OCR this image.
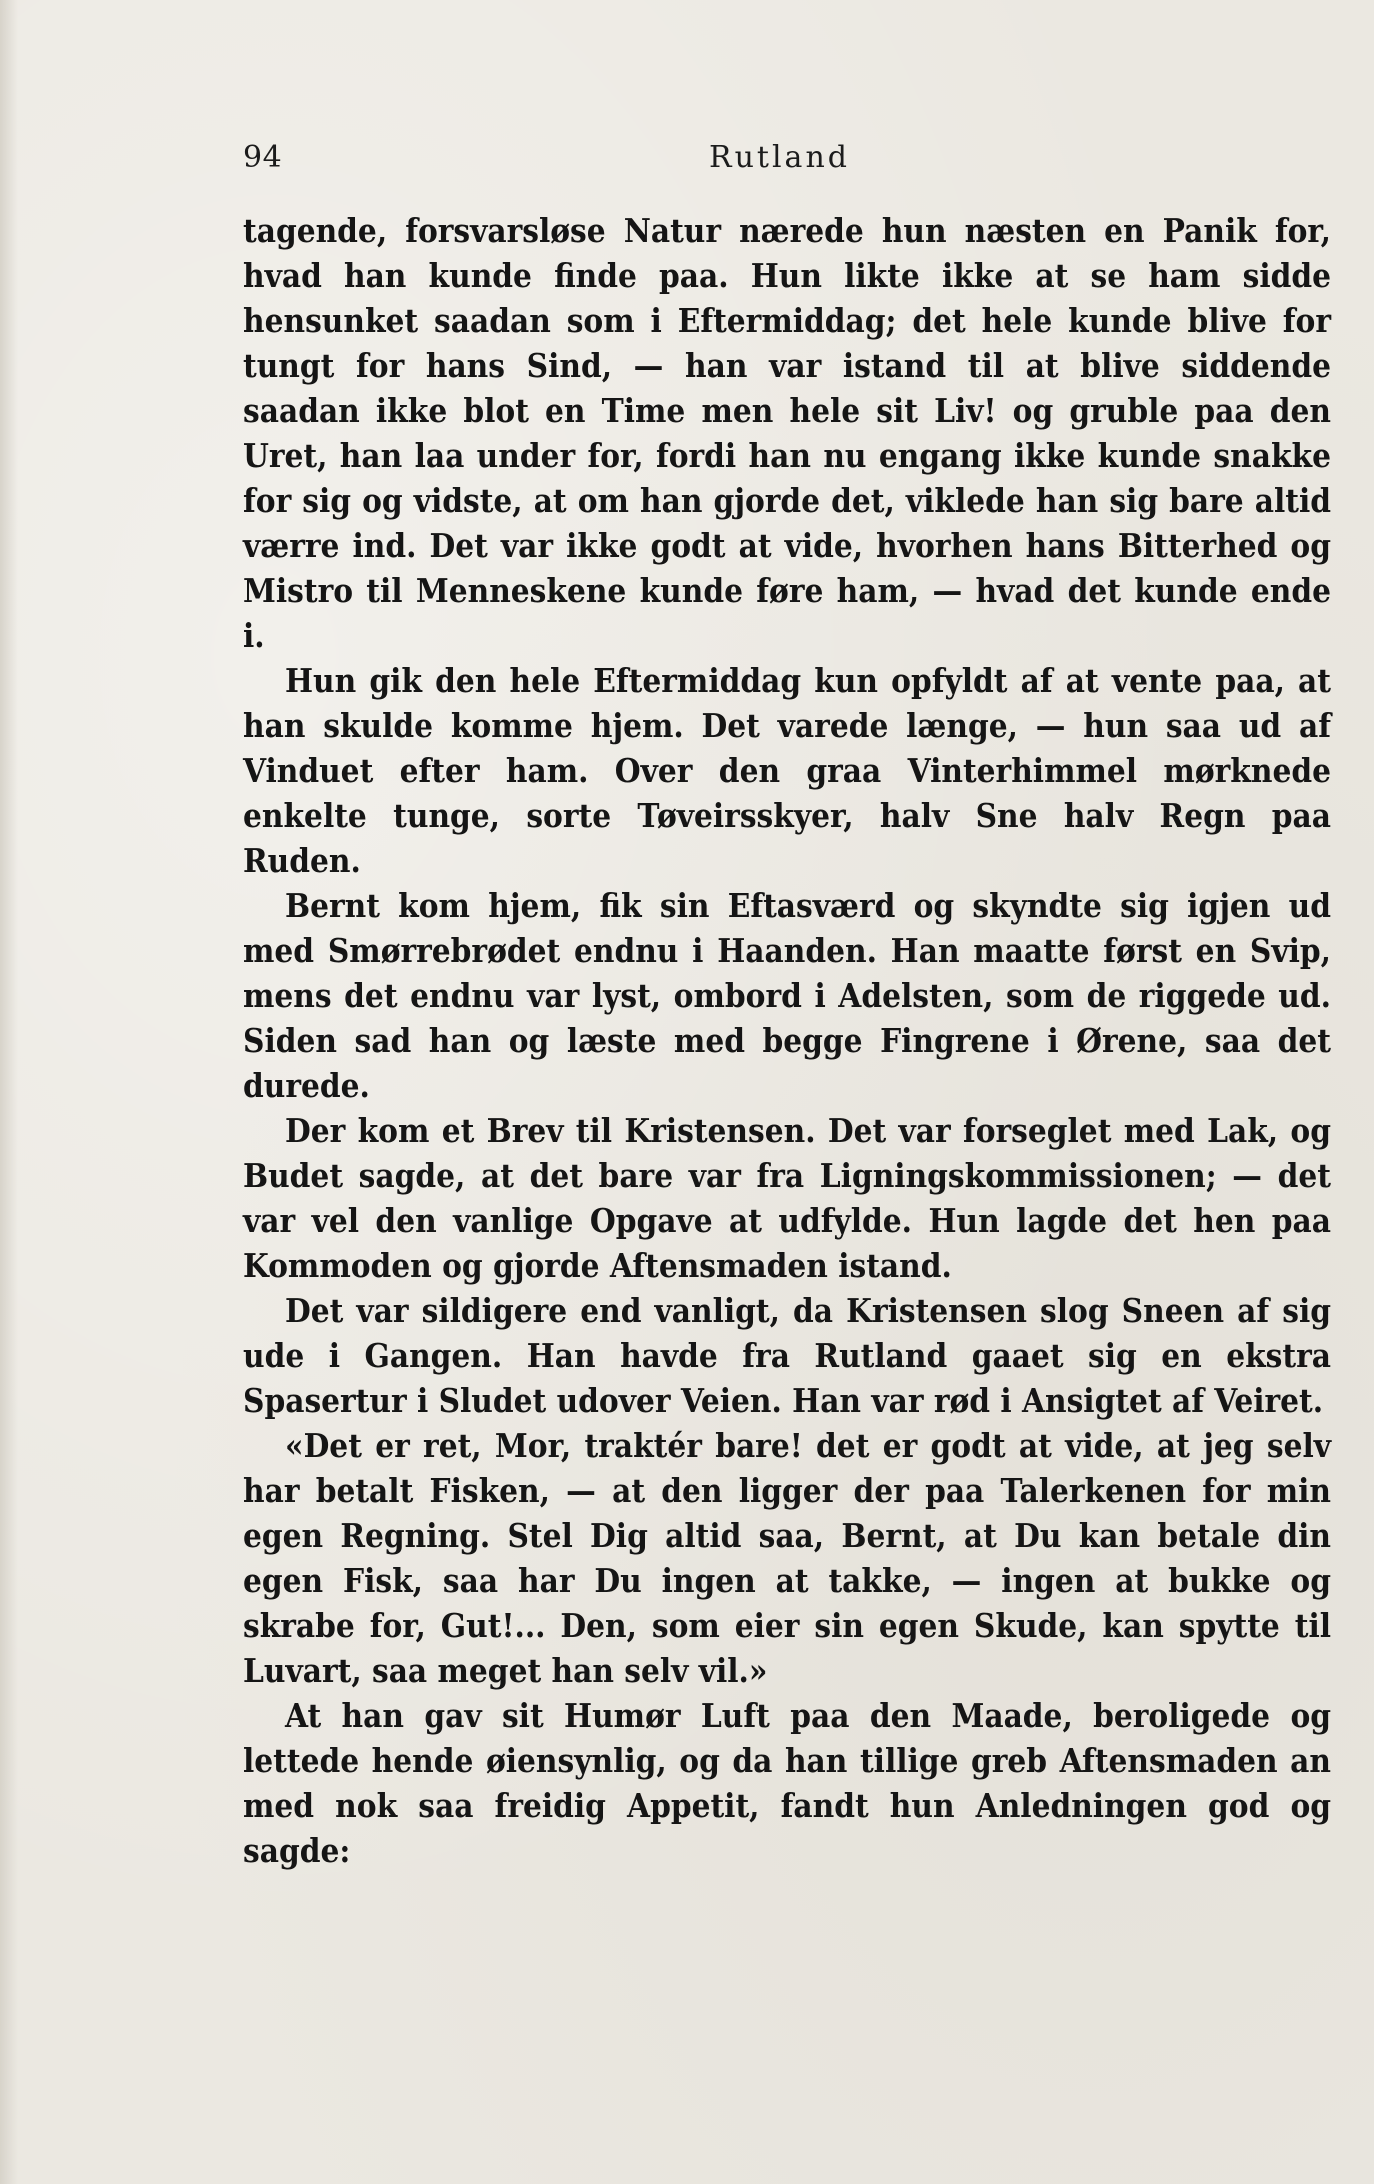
94	Rutland

tagende, forsvarsløse Natur nærede hun næsten en Panik for, hvad han kunde finde paa. Hun likte ikke at se ham sidde hensunket saadan som i Eftermiddag; det hele kunde blive for tungt for hans Sind, — han var istand til at blive siddende saadan ikke blot en Time men hele sit Liv! og gruble paa den Uret, han laa under for, fordi han nu engang ikke kunde snakke for sig og vidste, at om han gjorde det, viklede han sig bare altid værre ind. Det var ikke godt at vide, hvorhen hans Bitterhed og Mistro til Menneskene kunde føre ham, — hvad det kunde ende i.

Hun gik den hele Eftermiddag kun opfyldt af at vente paa, at han skulde komme hjem. Det varede længe, — hun saa ud af Vinduet efter ham. Over den graa Vinterhimmel mørknede enkelte tunge, sorte Tøveirsskyer, halv Sne halv Regn paa Ruden.

Bernt kom hjem, fik sin Eftasværd og skyndte sig igjen ud med Smørrebrødet endnu i Haanden. Han maatte først en Svip, mens det endnu var lyst, ombord i Adelsten, som de riggede ud. Siden sad han og læste med begge Fingrene i Ørene, saa det durede.

Der kom et Brev til Kristensen. Det var forseglet med Lak, og Budet sagde, at det bare var fra Ligningskommissionen; — det var vel den vanlige Opgave at udfylde. Hun lagde det hen paa Kommoden og gjorde Aftensmaden istand.

Det var sildigere end vanligt, da Kristensen slog Sneen af sig ude i Gangen. Han havde fra Rutland gaaet sig en ekstra Spasertur i Sludet udover Veien. Han var rød i Ansigtet af Veiret.

«Det er ret, Mor, traktér bare! det er godt at vide, at jeg selv har betalt Fisken, — at den ligger der paa Talerkenen for min egen Regning. Stel Dig altid saa, Bernt, at Du kan betale din egen Fisk, saa har Du ingen at takke, — ingen at bukke og skrabe for, Gut!... Den, som eier sin egen Skude, kan spytte til Luvart, saa meget han selv vil.»

At han gav sit Humør Luft paa den Maade, beroligede og lettede hende øiensynlig, og da han tillige greb Aftensmaden an med nok saa freidig Appetit, fandt hun Anledningen god og sagde:
